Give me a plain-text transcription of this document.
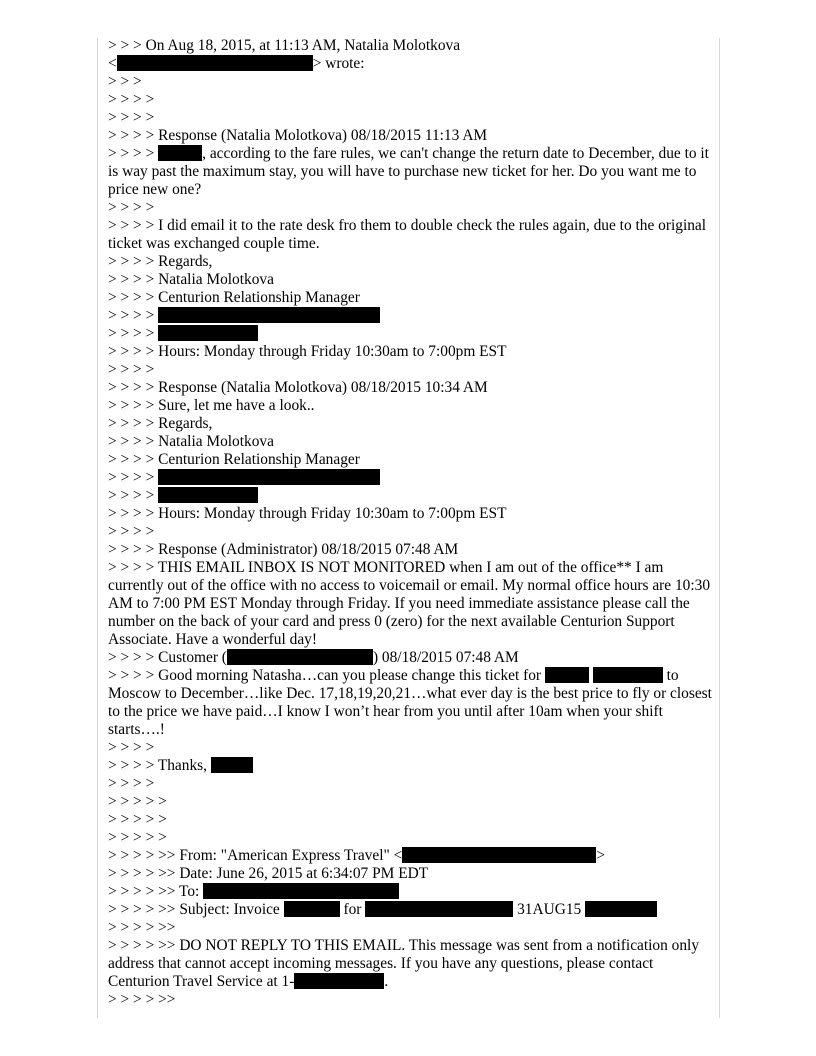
> > > On Aug 18, 2015, at 11:13 AM, Natalia Molotkova
<	> wrote:
> > >
> > > >
> > > >
> > > > Response (Natalia Molotkova) 08/18/2015 11:13 AM
> > > >	, according to the fare rules, we can't change the return date to December, due to it is way past the maximum stay, you will have to purchase new ticket for her. Do you want me to price new one?
> > > >
> > > > I did email it to the rate desk fro them to double check the rules again, due to the original ticket was exchanged couple time.
> > > > Regards,
> > > > Natalia Molotkova
> > > > Centurion Relationship Manager
> > > >
> > > >
> > > > Hours: Monday through Friday 10:30am to 7:00pm EST
> > > >
> > > > Response (Natalia Molotkova) 08/18/2015 10:34 AM
> > > > Sure, let me have a look..
> > > > Regards,
> > > > Natalia Molotkova
> > > > Centurion Relationship Manager
> > > >
> > > >
> > > > Hours: Monday through Friday 10:30am to 7:00pm EST
> > > >
> > > > Response (Administrator) 08/18/2015 07:48 AM
> > > > THIS EMAIL INBOX IS NOT MONITORED when I am out of the office** I am currently out of the office with no access to voicemail or email. My normal office hours are 10:30 AM to 7:00 PM EST Monday through Friday. If you need immediate assistance please call the number on the back of your card and press 0 (zero) for the next available Centurion Support Associate. Have a wonderful day!
> > > > Customer (	) 08/18/2015 07:48 AM
> > > > Good morning Natasha…can you please change this ticket for	to Moscow to December…like Dec. 17,18,19,20,21…what ever day is the best price to fly or closest to the price we have paid…I know I won’t hear from you until after 10am when your shift starts….!
> > > >
> > > > Thanks,
> > > >
> > > > >
> > > > >
> > > > >
> > > > >> From: "American Express Travel" <	>
> > > > >> Date: June 26, 2015 at 6:34:07 PM EDT
> > > > >> To:
> > > > >> Subject: Invoice	for	31AUG15
> > > > >>
> > > > >> DO NOT REPLY TO THIS EMAIL. This message was sent from a notification only address that cannot accept incoming messages. If you have any questions, please contact Centurion Travel Service at 1-	.
> > > > >>
